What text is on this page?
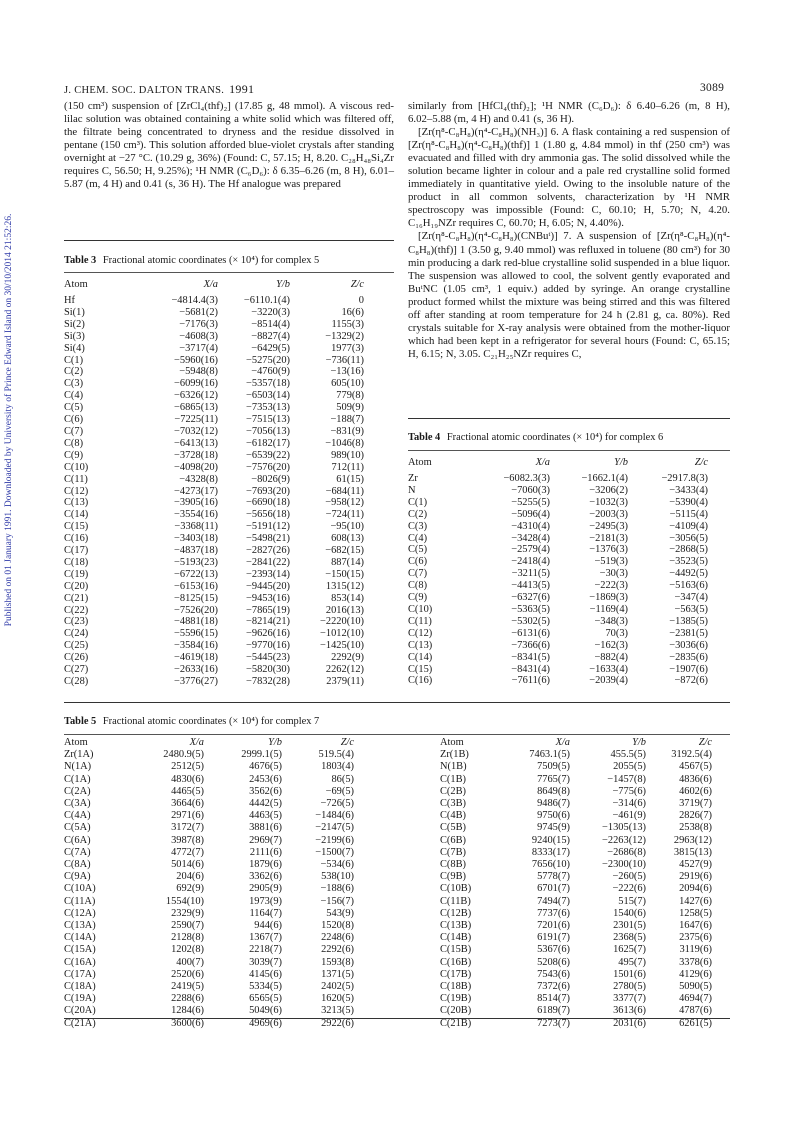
J. CHEM. SOC. DALTON TRANS. 1991	3089
Published on 01 January 1991. Downloaded by University of Prince Edward Island on 30/10/2014 21:52:26.

(150 cm³) suspension of [ZrCl₄(thf)₂] (17.85 g, 48 mmol). A viscous red-lilac solution was obtained containing a white solid which was filtered off, the filtrate being concentrated to dryness and the residue dissolved in pentane (150 cm³). This solution afforded blue-violet crystals after standing overnight at −27 °C. (10.29 g, 36%) (Found: C, 57.15; H, 8.20. C₂₈H₄₈Si₄Zr requires C, 56.50; H, 9.25%); ¹H NMR (C₆D₆): δ 6.35–6.26 (m, 8 H), 6.01–5.87 (m, 4 H) and 0.41 (s, 36 H). The Hf analogue was prepared

similarly from [HfCl₄(thf)₂]; ¹H NMR (C₆D₆): δ 6.40–6.26 (m, 8 H), 6.02–5.88 (m, 4 H) and 0.41 (s, 36 H).

[Zr(η⁸-C₈H₈)(η⁴-C₈H₈)(NH₃)] 6. A flask containing a red suspension of [Zr(η⁸-C₈H₈)(η⁴-C₈H₈)(thf)] 1 (1.80 g, 4.84 mmol) in thf (250 cm³) was evacuated and filled with dry ammonia gas. The solid dissolved while the solution became lighter in colour and a pale red crystalline solid formed immediately in quantitative yield. Owing to the insoluble nature of the product in all common solvents, characterization by ¹H NMR spectroscopy was impossible (Found: C, 60.10; H, 5.70; N, 4.20. C₁₆H₁₉NZr requires C, 60.70; H, 6.05; N, 4.40%).

[Zr(η⁸-C₈H₈)(η⁴-C₈H₈)(CNBuᵗ)] 7. A suspension of [Zr(η⁸-C₈H₈)(η⁴-C₈H₈)(thf)] 1 (3.50 g, 9.40 mmol) was refluxed in toluene (80 cm³) for 30 min producing a dark red-blue crystalline solid suspended in a blue liquor. The suspension was allowed to cool, the solvent gently evaporated and BuᵗNC (1.05 cm³, 1 equiv.) added by syringe. An orange crystalline product formed whilst the mixture was being stirred and this was filtered off after standing at room temperature for 24 h (2.81 g, ca. 80%). Red crystals suitable for X-ray analysis were obtained from the mother-liquor which had been kept in a refrigerator for several hours (Found: C, 65.15; H, 6.15; N, 3.05. C₂₁H₂₅NZr requires C,

Table 3 Fractional atomic coordinates (× 10⁴) for complex 5
Atom	X/a	Y/b	Z/c
Hf	−4814.4(3)	−6110.1(4)	0
Si(1)	−5681(2)	−3220(3)	16(6)
Si(2)	−7176(3)	−8514(4)	1155(3)
Si(3)	−4608(3)	−8827(4)	−1329(2)
Si(4)	−3717(4)	−6429(5)	1977(3)
C(1)	−5960(16)	−5275(20)	−736(11)
C(2)	−5948(8)	−4760(9)	−13(16)
C(3)	−6099(16)	−5357(18)	605(10)
C(4)	−6326(12)	−6503(14)	779(8)
C(5)	−6865(13)	−7353(13)	509(9)
C(6)	−7225(11)	−7515(13)	−188(7)
C(7)	−7032(12)	−7056(13)	−831(9)
C(8)	−6413(13)	−6182(17)	−1046(8)
C(9)	−3728(18)	−6539(22)	989(10)
C(10)	−4098(20)	−7576(20)	712(11)
C(11)	−4328(8)	−8026(9)	61(15)
C(12)	−4273(17)	−7693(20)	−684(11)
C(13)	−3905(16)	−6690(18)	−958(12)
C(14)	−3554(16)	−5656(18)	−724(11)
C(15)	−3368(11)	−5191(12)	−95(10)
C(16)	−3403(18)	−5498(21)	608(13)
C(17)	−4837(18)	−2827(26)	−682(15)
C(18)	−5193(23)	−2841(22)	887(14)
C(19)	−6722(13)	−2393(14)	−150(15)
C(20)	−6153(16)	−9445(20)	1315(12)
C(21)	−8125(15)	−9453(16)	853(14)
C(22)	−7526(20)	−7865(19)	2016(13)
C(23)	−4881(18)	−8214(21)	−2220(10)
C(24)	−5596(15)	−9626(16)	−1012(10)
C(25)	−3584(16)	−9770(16)	−1425(10)
C(26)	−4619(18)	−5445(23)	2292(9)
C(27)	−2633(16)	−5820(30)	2262(12)
C(28)	−3776(27)	−7832(28)	2379(11)
Table 4 Fractional atomic coordinates (× 10⁴) for complex 6
Atom	X/a	Y/b	Z/c
Zr	−6082.3(3)	−1662.1(4)	−2917.8(3)
N	−7060(3)	−3206(2)	−3433(4)
C(1)	−5255(5)	−1032(3)	−5390(4)
C(2)	−5096(4)	−2003(3)	−5115(4)
C(3)	−4310(4)	−2495(3)	−4109(4)
C(4)	−3428(4)	−2181(3)	−3056(5)
C(5)	−2579(4)	−1376(3)	−2868(5)
C(6)	−2418(4)	−519(3)	−3523(5)
C(7)	−3211(5)	−30(3)	−4492(5)
C(8)	−4413(5)	−222(3)	−5163(6)
C(9)	−6327(6)	−1869(3)	−347(4)
C(10)	−5363(5)	−1169(4)	−563(5)
C(11)	−5302(5)	−348(3)	−1385(5)
C(12)	−6131(6)	70(3)	−2381(5)
C(13)	−7366(6)	−162(3)	−3036(6)
C(14)	−8341(5)	−882(4)	−2835(6)
C(15)	−8431(4)	−1633(4)	−1907(6)
C(16)	−7611(6)	−2039(4)	−872(6)
Table 5 Fractional atomic coordinates (× 10⁴) for complex 7
Atom	X/a	Y/b	Z/c
Zr(1A)	2480.9(5)	2999.1(5)	519.5(4)
N(1A)	2512(5)	4676(5)	1803(4)
C(1A)	4830(6)	2453(6)	86(5)
C(2A)	4465(5)	3562(6)	−69(5)
C(3A)	3664(6)	4442(5)	−726(5)
C(4A)	2971(6)	4463(5)	−1484(6)
C(5A)	3172(7)	3881(6)	−2147(5)
C(6A)	3987(8)	2969(7)	−2199(6)
C(7A)	4772(7)	2111(6)	−1500(7)
C(8A)	5014(6)	1879(6)	−534(6)
C(9A)	204(6)	3362(6)	538(10)
C(10A)	692(9)	2905(9)	−188(6)
C(11A)	1554(10)	1973(9)	−156(7)
C(12A)	2329(9)	1164(7)	543(9)
C(13A)	2590(7)	944(6)	1520(8)
C(14A)	2128(8)	1367(7)	2248(6)
C(15A)	1202(8)	2218(7)	2292(6)
C(16A)	400(7)	3039(7)	1593(8)
C(17A)	2520(6)	4145(6)	1371(5)
C(18A)	2419(5)	5334(5)	2402(5)
C(19A)	2288(6)	6565(5)	1620(5)
C(20A)	1284(6)	5049(6)	3213(5)
C(21A)	3600(6)	4969(6)	2922(6)
Atom	X/a	Y/b	Z/c
Zr(1B)	7463.1(5)	455.5(5)	3192.5(4)
N(1B)	7509(5)	2055(5)	4567(5)
C(1B)	7765(7)	−1457(8)	4836(6)
C(2B)	8649(8)	−775(6)	4602(6)
C(3B)	9486(7)	−314(6)	3719(7)
C(4B)	9750(6)	−461(9)	2826(7)
C(5B)	9745(9)	−1305(13)	2538(8)
C(6B)	9240(15)	−2263(12)	2963(12)
C(7B)	8333(17)	−2686(8)	3815(13)
C(8B)	7656(10)	−2300(10)	4527(9)
C(9B)	5778(7)	−260(5)	2919(6)
C(10B)	6701(7)	−222(6)	2094(6)
C(11B)	7494(7)	515(7)	1427(6)
C(12B)	7737(6)	1540(6)	1258(5)
C(13B)	7201(6)	2301(5)	1647(6)
C(14B)	6191(7)	2368(5)	2375(6)
C(15B)	5367(6)	1625(7)	3119(6)
C(16B)	5208(6)	495(7)	3378(6)
C(17B)	7543(6)	1501(6)	4129(6)
C(18B)	7372(6)	2780(5)	5090(5)
C(19B)	8514(7)	3377(7)	4694(7)
C(20B)	6189(7)	3613(6)	4787(6)
C(21B)	7273(7)	2031(6)	6261(5)
